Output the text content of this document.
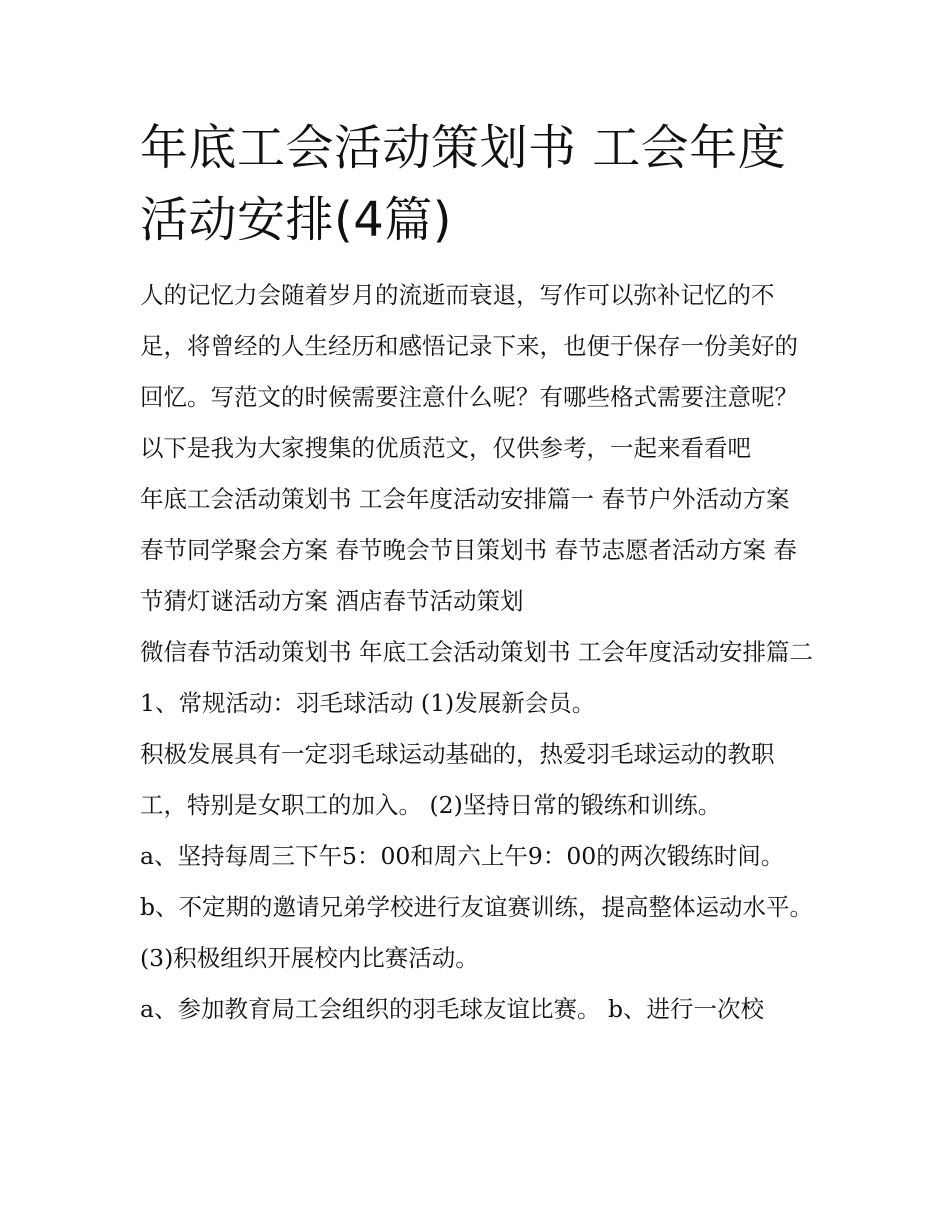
年底工会活动策划书 工会年度活动安排(4篇)

人的记忆力会随着岁月的流逝而衰退，写作可以弥补记忆的不足，将曾经的人生经历和感悟记录下来，也便于保存一份美好的回忆。写范文的时候需要注意什么呢？有哪些格式需要注意呢？以下是我为大家搜集的优质范文，仅供参考，一起来看看吧

年底工会活动策划书 工会年度活动安排篇一 春节户外活动方案 春节同学聚会方案 春节晚会节目策划书 春节志愿者活动方案 春节猜灯谜活动方案 酒店春节活动策划

微信春节活动策划书 年底工会活动策划书 工会年度活动安排篇二 1、常规活动：羽毛球活动 (1)发展新会员。

积极发展具有一定羽毛球运动基础的，热爱羽毛球运动的教职工，特别是女职工的加入。 (2)坚持日常的锻练和训练。

a、坚持每周三下午5：00和周六上午9：00的两次锻练时间。 b、不定期的邀请兄弟学校进行友谊赛训练，提高整体运动水平。 (3)积极组织开展校内比赛活动。

a、参加教育局工会组织的羽毛球友谊比赛。 b、进行一次校
